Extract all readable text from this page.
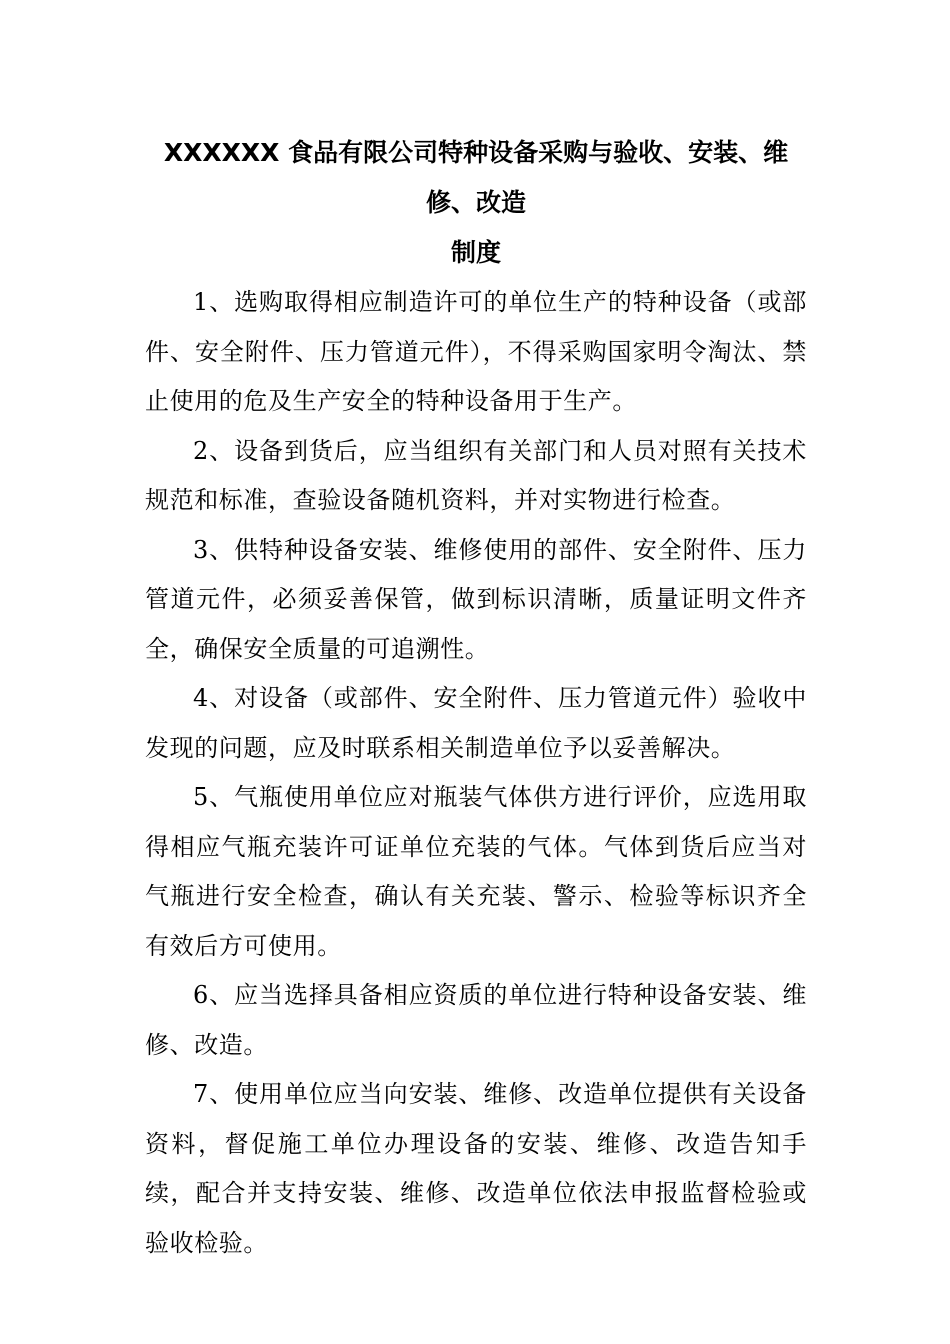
XXXXXX 食品有限公司特种设备采购与验收、安装、维修、改造
制度

1、选购取得相应制造许可的单位生产的特种设备（或部件、安全附件、压力管道元件），不得采购国家明令淘汰、禁止使用的危及生产安全的特种设备用于生产。

2、设备到货后，应当组织有关部门和人员对照有关技术规范和标准，查验设备随机资料，并对实物进行检查。

3、供特种设备安装、维修使用的部件、安全附件、压力管道元件，必须妥善保管，做到标识清晰，质量证明文件齐全，确保安全质量的可追溯性。

4、对设备（或部件、安全附件、压力管道元件）验收中发现的问题，应及时联系相关制造单位予以妥善解决。

5、气瓶使用单位应对瓶装气体供方进行评价，应选用取得相应气瓶充装许可证单位充装的气体。气体到货后应当对气瓶进行安全检查，确认有关充装、警示、检验等标识齐全有效后方可使用。

6、应当选择具备相应资质的单位进行特种设备安装、维修、改造。

7、使用单位应当向安装、维修、改造单位提供有关设备资料，督促施工单位办理设备的安装、维修、改造告知手续，配合并支持安装、维修、改造单位依法申报监督检验或验收检验。
